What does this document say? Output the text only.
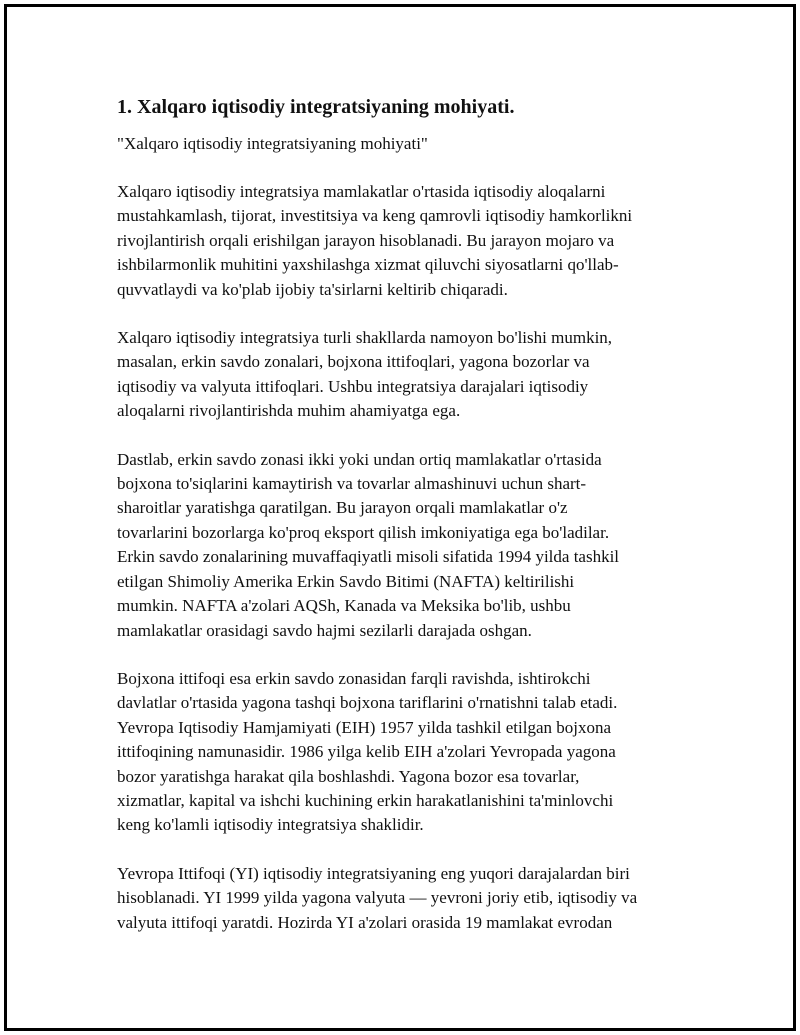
1. Xalqaro iqtisodiy integratsiyaning mohiyati.

"Xalqaro iqtisodiy integratsiyaning mohiyati"

Xalqaro iqtisodiy integratsiya mamlakatlar o'rtasida iqtisodiy aloqalarni
mustahkamlash, tijorat, investitsiya va keng qamrovli iqtisodiy hamkorlikni
rivojlantirish orqali erishilgan jarayon hisoblanadi. Bu jarayon mojaro va
ishbilarmonlik muhitini yaxshilashga xizmat qiluvchi siyosatlarni qo'llab-
quvvatlaydi va ko'plab ijobiy ta'sirlarni keltirib chiqaradi.

Xalqaro iqtisodiy integratsiya turli shakllarda namoyon bo'lishi mumkin,
masalan, erkin savdo zonalari, bojxona ittifoqlari, yagona bozorlar va
iqtisodiy va valyuta ittifoqlari. Ushbu integratsiya darajalari iqtisodiy
aloqalarni rivojlantirishda muhim ahamiyatga ega.

Dastlab, erkin savdo zonasi ikki yoki undan ortiq mamlakatlar o'rtasida
bojxona to'siqlarini kamaytirish va tovarlar almashinuvi uchun shart-
sharoitlar yaratishga qaratilgan. Bu jarayon orqali mamlakatlar o'z
tovarlarini bozorlarga ko'proq eksport qilish imkoniyatiga ega bo'ladilar.
Erkin savdo zonalarining muvaffaqiyatli misoli sifatida 1994 yilda tashkil
etilgan Shimoliy Amerika Erkin Savdo Bitimi (NAFTA) keltirilishi
mumkin. NAFTA a'zolari AQSh, Kanada va Meksika bo'lib, ushbu
mamlakatlar orasidagi savdo hajmi sezilarli darajada oshgan.

Bojxona ittifoqi esa erkin savdo zonasidan farqli ravishda, ishtirokchi
davlatlar o'rtasida yagona tashqi bojxona tariflarini o'rnatishni talab etadi.
Yevropa Iqtisodiy Hamjamiyati (EIH) 1957 yilda tashkil etilgan bojxona
ittifoqining namunasidir. 1986 yilga kelib EIH a'zolari Yevropada yagona
bozor yaratishga harakat qila boshlashdi. Yagona bozor esa tovarlar,
xizmatlar, kapital va ishchi kuchining erkin harakatlanishini ta'minlovchi
keng ko'lamli iqtisodiy integratsiya shaklidir.

Yevropa Ittifoqi (YI) iqtisodiy integratsiyaning eng yuqori darajalardan biri
hisoblanadi. YI 1999 yilda yagona valyuta — yevroni joriy etib, iqtisodiy va
valyuta ittifoqi yaratdi. Hozirda YI a'zolari orasida 19 mamlakat evrodan
